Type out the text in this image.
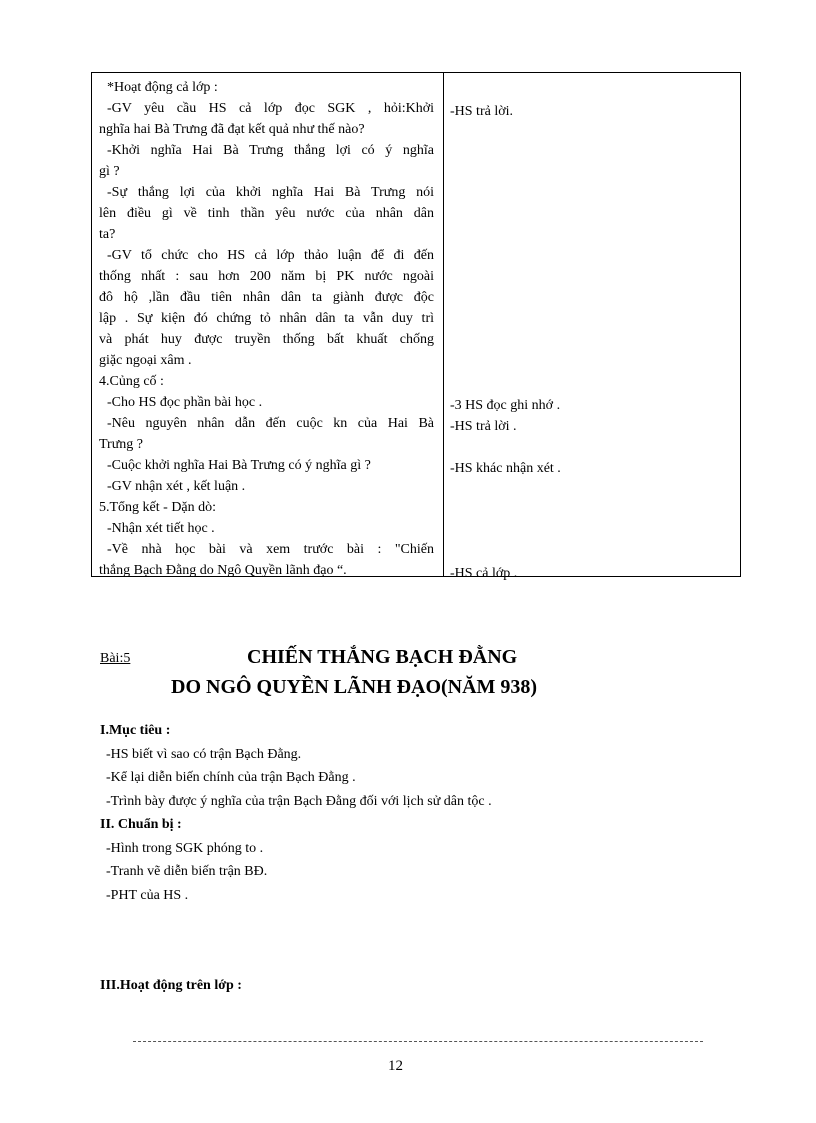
*Hoạt động cả lớp :
-GV yêu cầu HS cả lớp đọc SGK , hỏi:Khởi
nghĩa hai Bà Trưng đã đạt kết quả như thế nào?
-Khởi nghĩa Hai Bà Trưng thắng lợi có ý nghĩa
gì ?
-Sự thắng lợi của khởi nghĩa Hai Bà Trưng nói
lên điều gì về tinh thần yêu nước của nhân dân
ta?
-GV tổ chức cho HS cả lớp thảo luận để đi đến
thống nhất : sau hơn 200 năm bị PK nước ngoài
đô hộ ,lần đầu tiên nhân dân ta giành được độc
lập . Sự kiện đó chứng tỏ nhân dân ta vẫn duy trì
và phát huy được truyền thống bất khuất chống
giặc ngoại xâm .
4.Củng cố :
-Cho HS đọc phần bài học .
-Nêu nguyên nhân dẫn đến cuộc kn của Hai Bà
Trưng ?
-Cuộc khởi nghĩa Hai Bà Trưng có ý nghĩa gì ?
-GV nhận xét , kết luận .
5.Tổng kết - Dặn dò:
-Nhận xét tiết học .
-Về nhà học bài và xem trước bài : "Chiến
thắng Bạch Đằng do Ngô Quyền lãnh đạo “.
-HS trả lời.
-3 HS đọc ghi nhớ .
-HS trả lời .
-HS khác nhận xét .
-HS cả lớp .
Bài:5	CHIẾN THẮNG BẠCH ĐẰNG
DO NGÔ QUYỀN LÃNH ĐẠO(NĂM 938)
I.Mục tiêu :
-HS biết vì sao có trận Bạch Đằng.
-Kể lại diễn biến chính của trận Bạch Đằng .
-Trình bày được ý nghĩa của trận Bạch Đằng đối với lịch sử dân tộc .
II. Chuẩn bị :
-Hình trong SGK phóng to .
-Tranh vẽ diễn biến trận BĐ.
-PHT của HS .
III.Hoạt động trên lớp :
12
